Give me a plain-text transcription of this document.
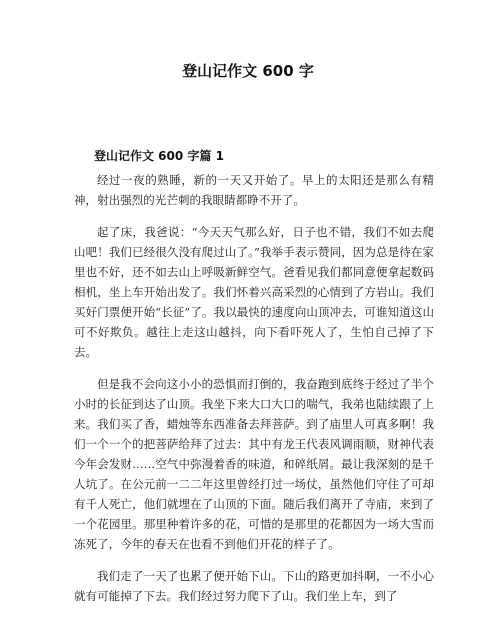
登山记作文 600 字
登山记作文 600 字篇 1

经过一夜的熟睡，新的一天又开始了。早上的太阳还是那么有精神，射出强烈的光芒刺的我眼睛都睁不开了。

起了床，我爸说：“今天天气那么好，日子也不错，我们不如去爬山吧！我们已经很久没有爬过山了。”我举手表示赞同，因为总是待在家里也不好，还不如去山上呼吸新鲜空气。爸看见我们都同意便拿起数码相机，坐上车开始出发了。我们怀着兴高采烈的心情到了方岩山。我们买好门票便开始“长征”了。我以最快的速度向山顶冲去，可谁知道这山可不好欺负。越往上走这山越抖，向下看吓死人了，生怕自己掉了下去。

但是我不会向这小小的恐惧而打倒的，我奋跑到底终于经过了半个小时的长征到达了山顶。我坐下来大口大口的喘气，我弟也陆续跟了上来。我们买了香，蜡烛等东西准备去拜菩萨。到了庙里人可真多啊！我们一个一个的把菩萨给拜了过去：其中有龙王代表风调雨顺，财神代表今年会发财……空气中弥漫着香的味道，和碎纸屑。最让我深刻的是千人坑了。在公元前一二二年这里曾经打过一场仗，虽然他们守住了可却有千人死亡，他们就埋在了山顶的下面。随后我们离开了寺庙，来到了一个花园里。那里种着许多的花，可惜的是那里的花都因为一场大雪而冻死了，今年的春天在也看不到他们开花的样子了。

我们走了一天了也累了便开始下山。下山的路更加抖啊，一不小心就有可能掉了下去。我们经过努力爬下了山。我们坐上车，到了
